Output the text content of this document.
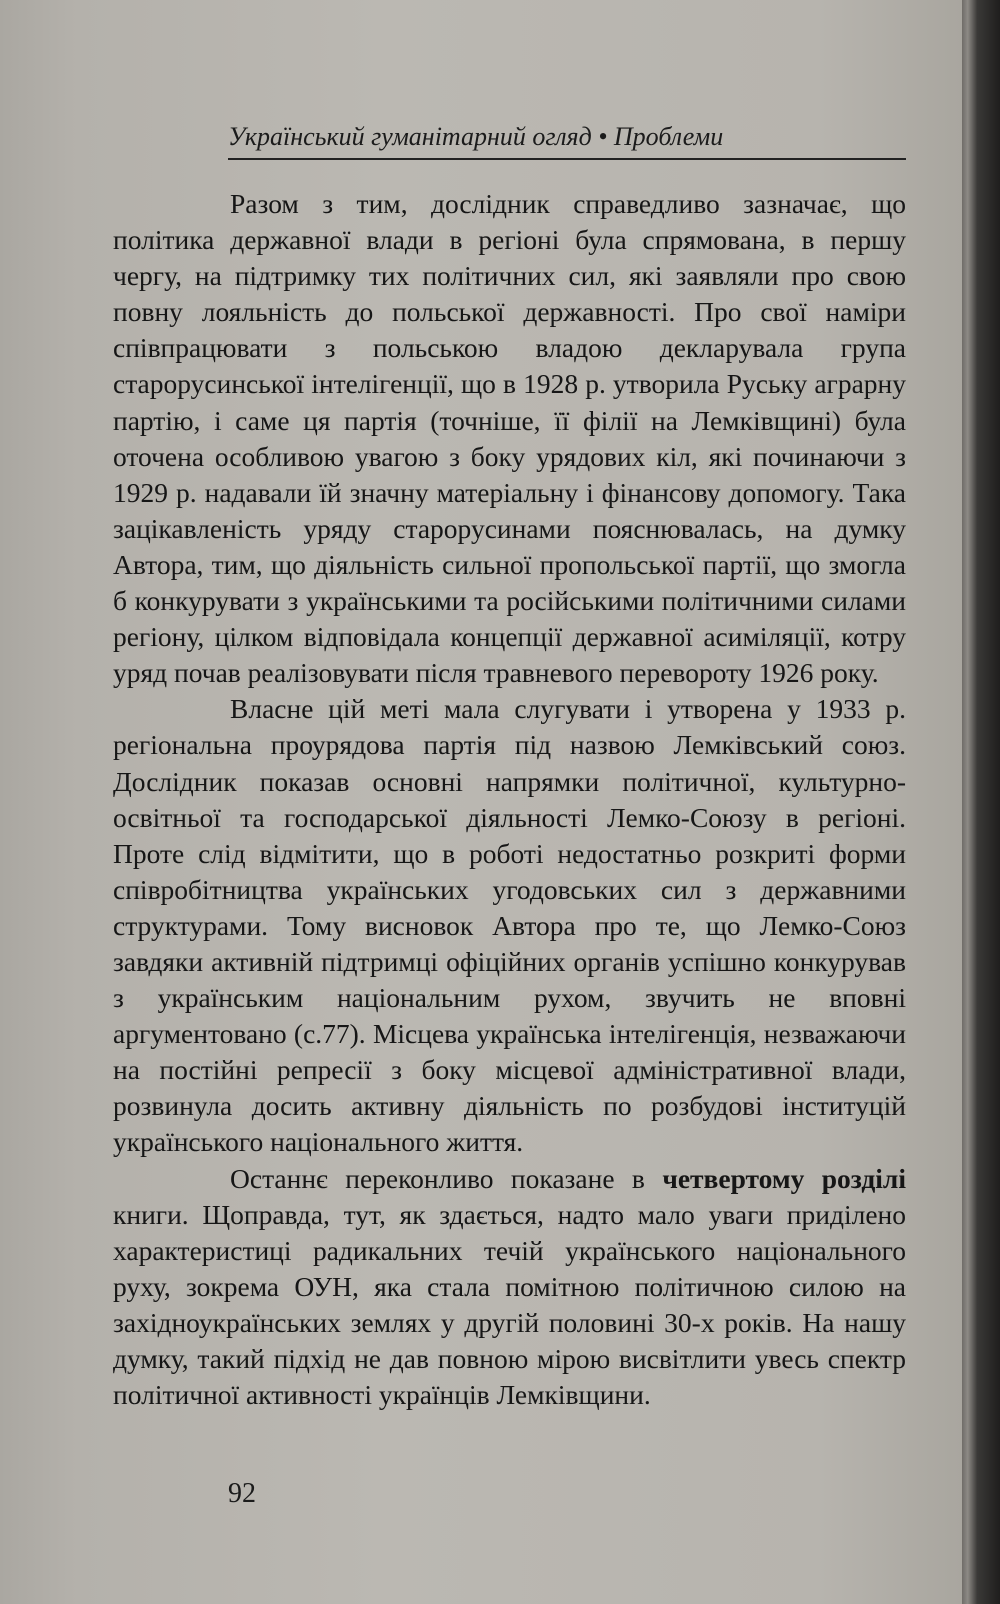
Український гуманітарний огляд • Проблеми

Разом з тим, дослідник справедливо зазначає, що політика державної влади в регіоні була спрямована, в першу чергу, на підтримку тих політичних сил, які заявляли про свою повну лояльність до польської державності. Про свої наміри співпрацювати з польською владою декларувала група старорусинської інтелігенції, що в 1928 р. утворила Руську аграрну партію, і саме ця партія (точніше, її філії на Лемківщині) була оточена особливою увагою з боку урядових кіл, які починаючи з 1929 р. надавали їй значну матеріальну і фінансову допомогу. Така зацікавленість уряду старорусинами пояснювалась, на думку Автора, тим, що діяльність сильної пропольської партії, що змогла б конкурувати з українськими та російськими політичними силами регіону, цілком відповідала концепції державної асиміляції, котру уряд почав реалізовувати після травневого перевороту 1926 року.

Власне цій меті мала слугувати і утворена у 1933 р. регіональна проурядова партія під назвою Лемківський союз. Дослідник показав основні напрямки політичної, культурно-освітньої та господарської діяльності Лемко-Союзу в регіоні. Проте слід відмітити, що в роботі недостатньо розкриті форми співробітництва українських угодовських сил з державними структурами. Тому висновок Автора про те, що Лемко-Союз завдяки активній підтримці офіційних органів успішно конкурував з українським національним рухом, звучить не вповні аргументовано (с.77). Місцева українська інтелігенція, незважаючи на постійні репресії з боку місцевої адміністративної влади, розвинула досить активну діяльність по розбудові інституцій українського національного життя.

Останнє переконливо показане в четвертому розділі книги. Щоправда, тут, як здається, надто мало уваги приділено характеристиці радикальних течій українського національного руху, зокрема ОУН, яка стала помітною політичною силою на західноукраїнських землях у другій половині 30-х років. На нашу думку, такий підхід не дав повною мірою висвітлити увесь спектр політичної активності українців Лемківщини.

92
